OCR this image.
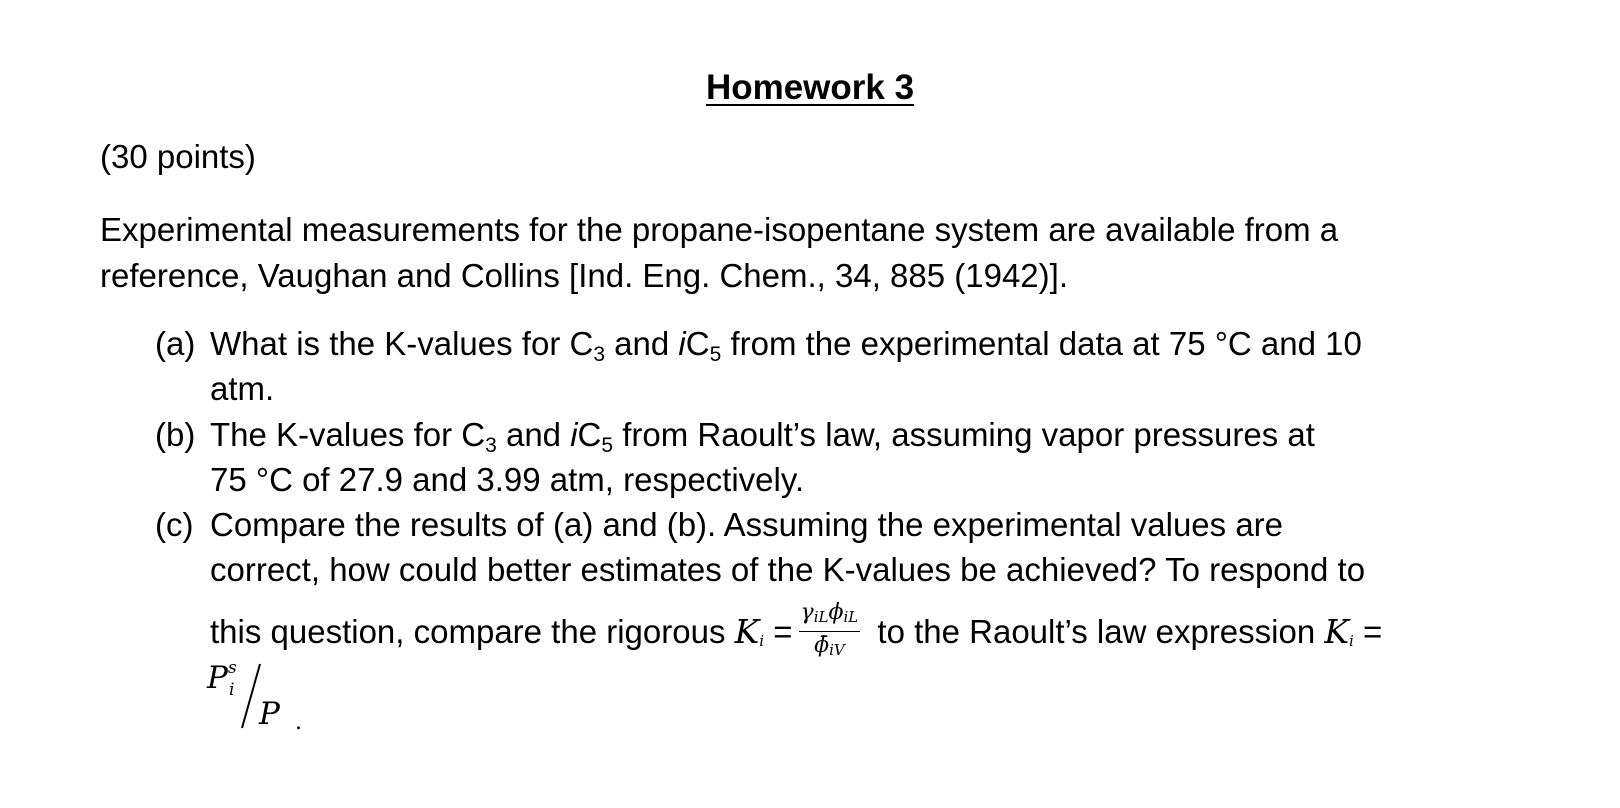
Homework 3
(30 points)

Experimental measurements for the propane-isopentane system are available from a

reference, Vaughan and Collins [Ind. Eng. Chem., 34, 885 (1942)].

(a) What is the K-values for $C_3$ and $iC_5$ from the experimental data at 75 °C and 10
atm.
(b) The K-values for $C_3$ and $iC_5$ from Raoult’s law, assuming vapor pressures at
75 °C of 27.9 and 3.99 atm, respectively.
(c) Compare the results of (a) and (b). Assuming the experimental values are
correct, how could better estimates of the K-values be achieved? To respond to
this question, compare the rigorous $Ki = \frac{\text{γiLϕiL}}{\phīiV}$ to the Raoult’s law expression Ki =
P s
i
P .
